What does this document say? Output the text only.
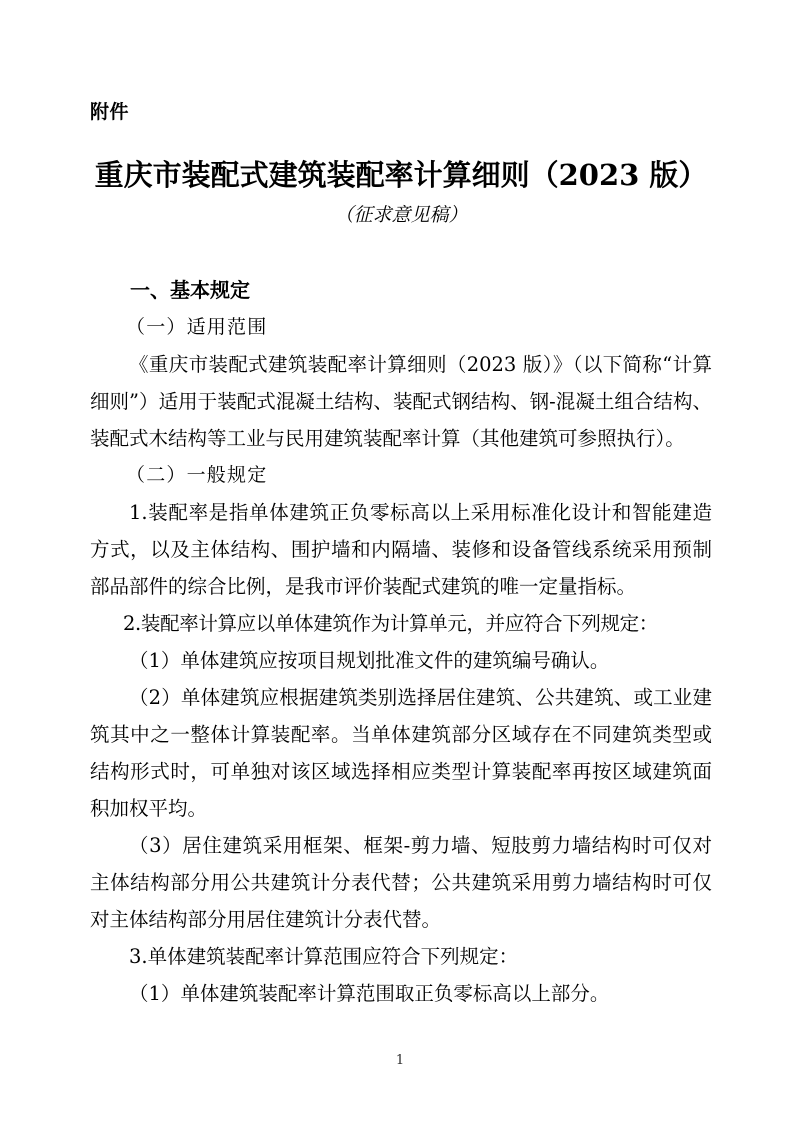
附件
重庆市装配式建筑装配率计算细则（2023 版）
（征求意见稿）
一、基本规定
（一）适用范围

《重庆市装配式建筑装配率计算细则（2023 版）》（以下简称“计算细则”）适用于装配式混凝土结构、装配式钢结构、钢-混凝土组合结构、装配式木结构等工业与民用建筑装配率计算（其他建筑可参照执行）。

（二）一般规定

1.装配率是指单体建筑正负零标高以上采用标准化设计和智能建造方式，以及主体结构、围护墙和内隔墙、装修和设备管线系统采用预制部品部件的综合比例，是我市评价装配式建筑的唯一定量指标。

2.装配率计算应以单体建筑作为计算单元，并应符合下列规定：

（1）单体建筑应按项目规划批准文件的建筑编号确认。

（2）单体建筑应根据建筑类别选择居住建筑、公共建筑、或工业建筑其中之一整体计算装配率。当单体建筑部分区域存在不同建筑类型或结构形式时，可单独对该区域选择相应类型计算装配率再按区域建筑面积加权平均。

（3）居住建筑采用框架、框架-剪力墙、短肢剪力墙结构时可仅对主体结构部分用公共建筑计分表代替；公共建筑采用剪力墙结构时可仅对主体结构部分用居住建筑计分表代替。

3.单体建筑装配率计算范围应符合下列规定：

（1）单体建筑装配率计算范围取正负零标高以上部分。

1
